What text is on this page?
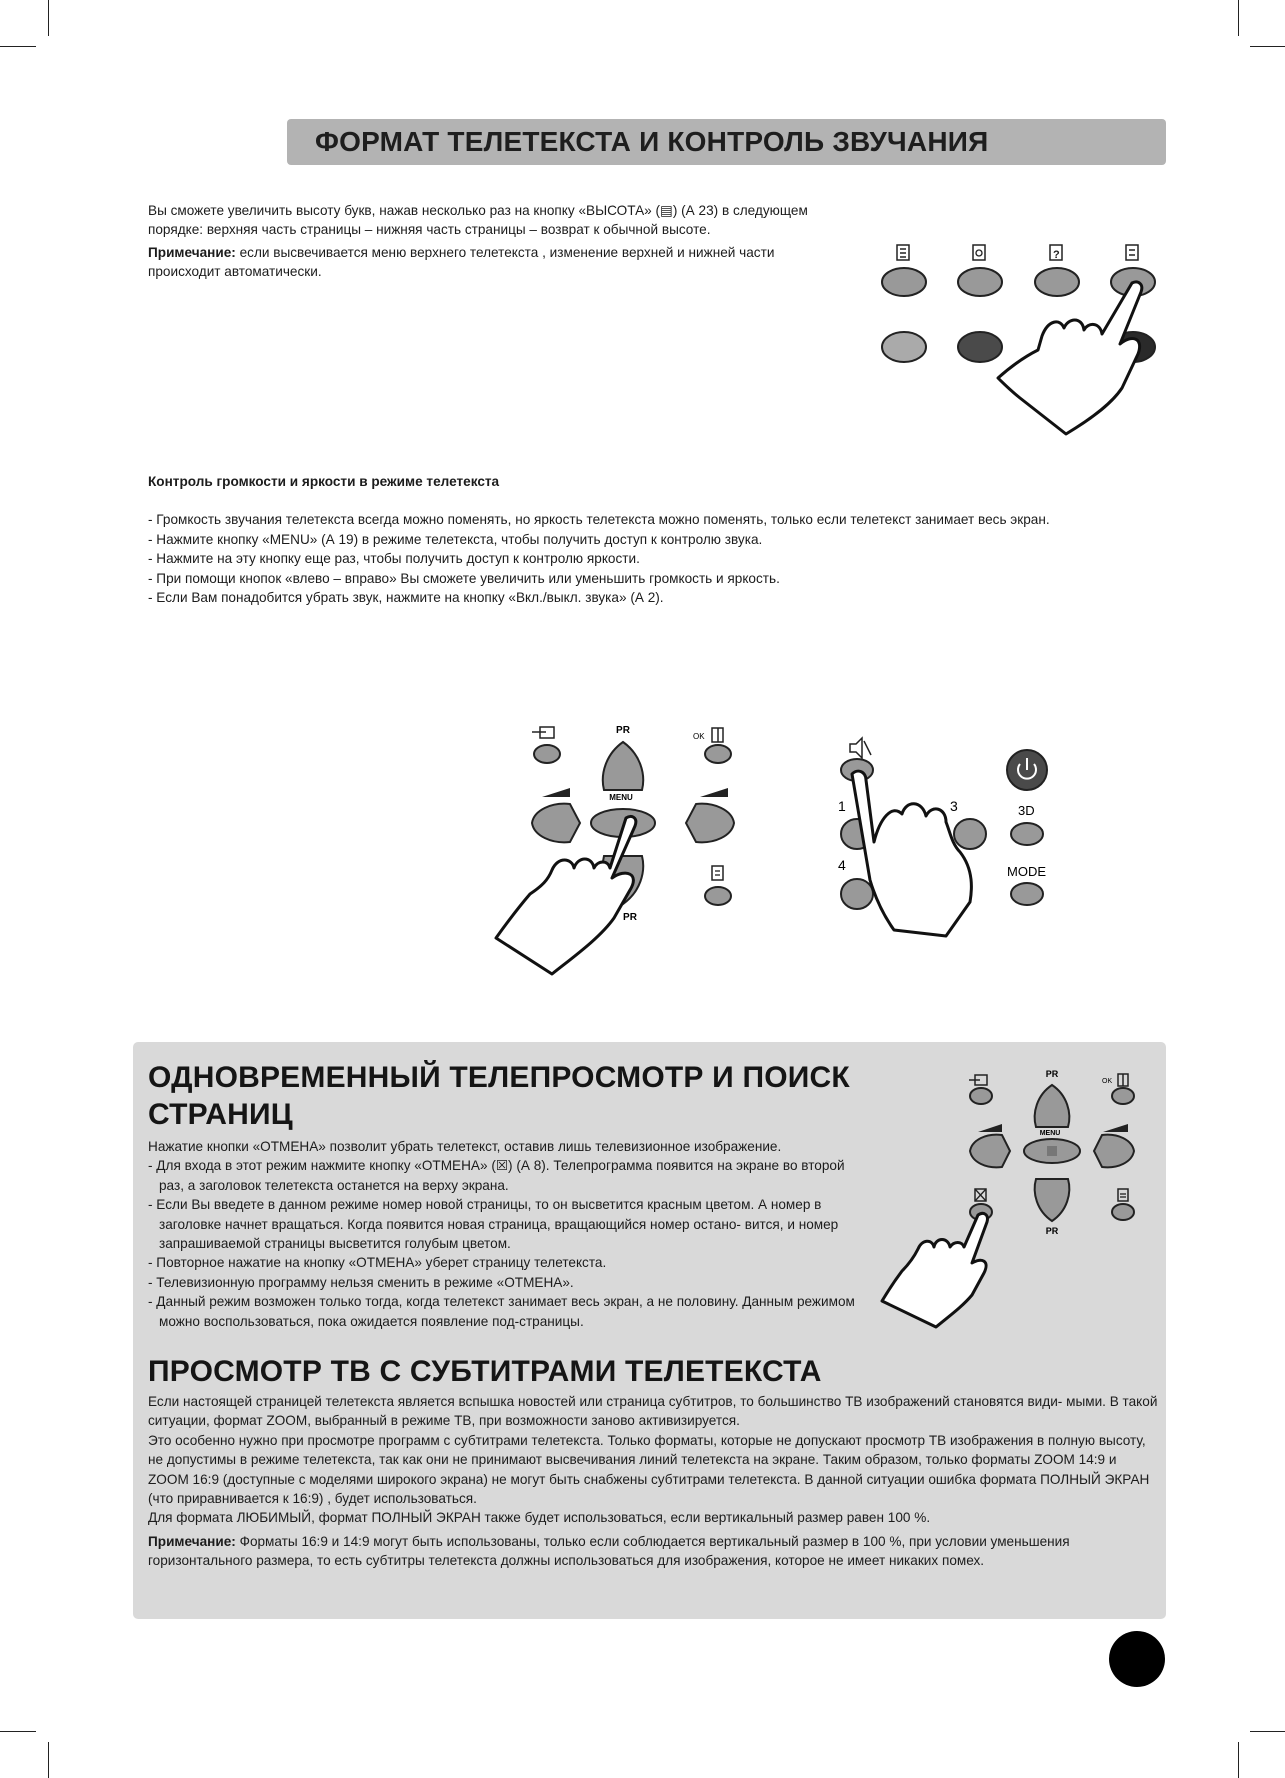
ФОРМАТ ТЕЛЕТЕКСТА И КОНТРОЛЬ ЗВУЧАНИЯ

Вы сможете увеличить высоту букв, нажав несколько раз на кнопку «ВЫСОТА» (▤) (А 23) в следующем порядке: верхняя часть страницы – нижняя часть страницы – возврат к обычной высоте.

Примечание: если высвечивается меню верхнего телетекста , изменение верхней и нижней части происходит автоматически.

?

Контроль громкости и яркости в режиме телетекста

- Громкость звучания телетекста всегда можно поменять, но яркость телетекста можно поменять, только если телетекст занимает весь экран.
- Нажмите кнопку «MENU» (А 19) в режиме телетекста, чтобы получить доступ к контролю звука.
- Нажмите на эту кнопку еще раз, чтобы получить доступ к контролю яркости.
- При помощи кнопок «влево – вправо» Вы сможете увеличить или уменьшить громкость и яркость.
- Если Вам понадобится убрать звук, нажмите на кнопку «Вкл./выкл. звука» (А 2).
PR
OK
MENU
PR
1	3	3D
4	MODE
ОДНОВРЕМЕННЫЙ ТЕЛЕПРОСМОТР И ПОИСК
СТРАНИЦ

Нажатие кнопки «ОТМЕНА» позволит убрать телетекст, оставив лишь телевизионное изображение.

- Для входа в этот режим нажмите кнопку «ОТМЕНА» (☒) (А 8). Телепрограмма появится на экране во второй раз, а заголовок телетекста останется на верху экрана.
- Если Вы введете в данном режиме номер новой страницы, то он высветится красным цветом. А номер в заголовке начнет вращаться. Когда появится новая страница, вращающийся номер остано- вится, и номер запрашиваемой страницы высветится голубым цветом.
- Повторное нажатие на кнопку «ОТМЕНА» уберет страницу телетекста.
- Телевизионную программу нельзя сменить в режиме «ОТМЕНА».
- Данный режим возможен только тогда, когда телетекст занимает весь экран, а не половину. Данным режимом можно воспользоваться, пока ожидается появление под-страницы.
PR
OK
MENU
PR
ПРОСМОТР ТВ С СУБТИТРАМИ ТЕЛЕТЕКСТА

Если настоящей страницей телетекста является вспышка новостей или страница субтитров, то большинство ТВ изображений становятся види- мыми. В такой ситуации, формат ZOOM, выбранный в режиме ТВ, при возможности заново активизируется.

Это особенно нужно при просмотре программ с субтитрами телетекста. Только форматы, которые не допускают просмотр ТВ изображения в полную высоту, не допустимы в режиме телетекста, так как они не принимают высвечивания линий телетекста на экране. Таким образом, только форматы ZOOM 14:9 и ZOOM 16:9 (доступные с моделями широкого экрана) не могут быть снабжены субтитрами телетекста. В данной ситуации ошибка формата ПОЛНЫЙ ЭКРАН (что приравнивается к 16:9) , будет использоваться.

Для формата ЛЮБИМЫЙ, формат ПОЛНЫЙ ЭКРАН также будет использоваться, если вертикальный размер равен 100 %.

Примечание: Форматы 16:9 и 14:9 могут быть использованы, только если соблюдается вертикальный размер в 100 %, при условии уменьшения горизонтального размера, то есть субтитры телетекста должны использоваться для изображения, которое не имеет никаких помех.
